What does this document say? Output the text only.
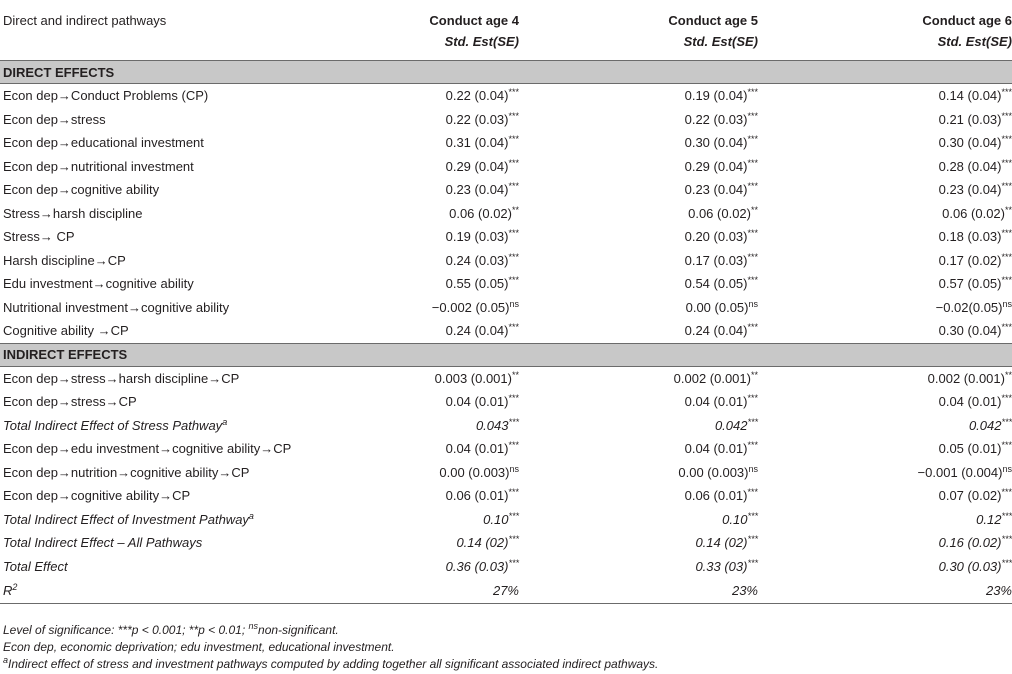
Direct and indirect pathways	Conduct age 4	Conduct age 5	Conduct age 6
	Std. Est(SE)	Std. Est(SE)	Std. Est(SE)
DIRECT EFFECTS			
Econ dep→Conduct Problems (CP)	0.22 (0.04)***	0.19 (0.04)***	0.14 (0.04)***
Econ dep→stress	0.22 (0.03)***	0.22 (0.03)***	0.21 (0.03)***
Econ dep→educational investment	0.31 (0.04)***	0.30 (0.04)***	0.30 (0.04)***
Econ dep→nutritional investment	0.29 (0.04)***	0.29 (0.04)***	0.28 (0.04)***
Econ dep→cognitive ability	0.23 (0.04)***	0.23 (0.04)***	0.23 (0.04)***
Stress→harsh discipline	0.06 (0.02)**	0.06 (0.02)**	0.06 (0.02)**
Stress→ CP	0.19 (0.03)***	0.20 (0.03)***	0.18 (0.03)***
Harsh discipline→CP	0.24 (0.03)***	0.17 (0.03)***	0.17 (0.02)***
Edu investment→cognitive ability	0.55 (0.05)***	0.54 (0.05)***	0.57 (0.05)***
Nutritional investment→cognitive ability	−0.002 $(0.05)^{ns}$	0.00 $(0.05)^{ns}$	$-0.02(0.05)^{ns}$
Cognitive ability →CP	0.24 (0.04)***	0.24 (0.04)***	0.30 (0.04)***
INDIRECT EFFECTS			
Econ dep→stress→harsh discipline→CP	0.003 (0.001)**	0.002 (0.001)**	0.002 (0.001)**
Econ dep→stress→CP	0.04 (0.01)***	0.04 (0.01)***	0.04 (0.01)***
Total Indirect Effect of Stress Pathway$^a$	0.043***	0.042***	0.042***
Econ dep→edu investment→cognitive ability→CP	0.04 (0.01)***	0.04 (0.01)***	0.05 (0.01)***
Econ dep→nutrition→cognitive ability→CP	0.00 $(0.003)^{ns}$	0.00 $(0.003)^{ns}$	−0.001 $(0.004)^{ns}$
Econ dep→cognitive ability→CP	0.06 (0.01)***	0.06 (0.01)***	0.07 (0.02)***
Total Indirect Effect of Investment Pathway$^a$	0.10***	0.10***	0.12***
Total Indirect Effect – All Pathways	0.14 (02)***	0.14 (02)***	0.16 (0.02)***
Total Effect	0.36 (0.03)***	0.33 (03)***	0.30 (0.03)***
$R^2$	27%	23%	23%
Level of significance: ***p < 0.001; **p < 0.01; $^{ns}$non-significant.
Econ dep, economic deprivation; edu investment, educational investment.
$^a$Indirect effect of stress and investment pathways computed by adding together all significant associated indirect pathways.
